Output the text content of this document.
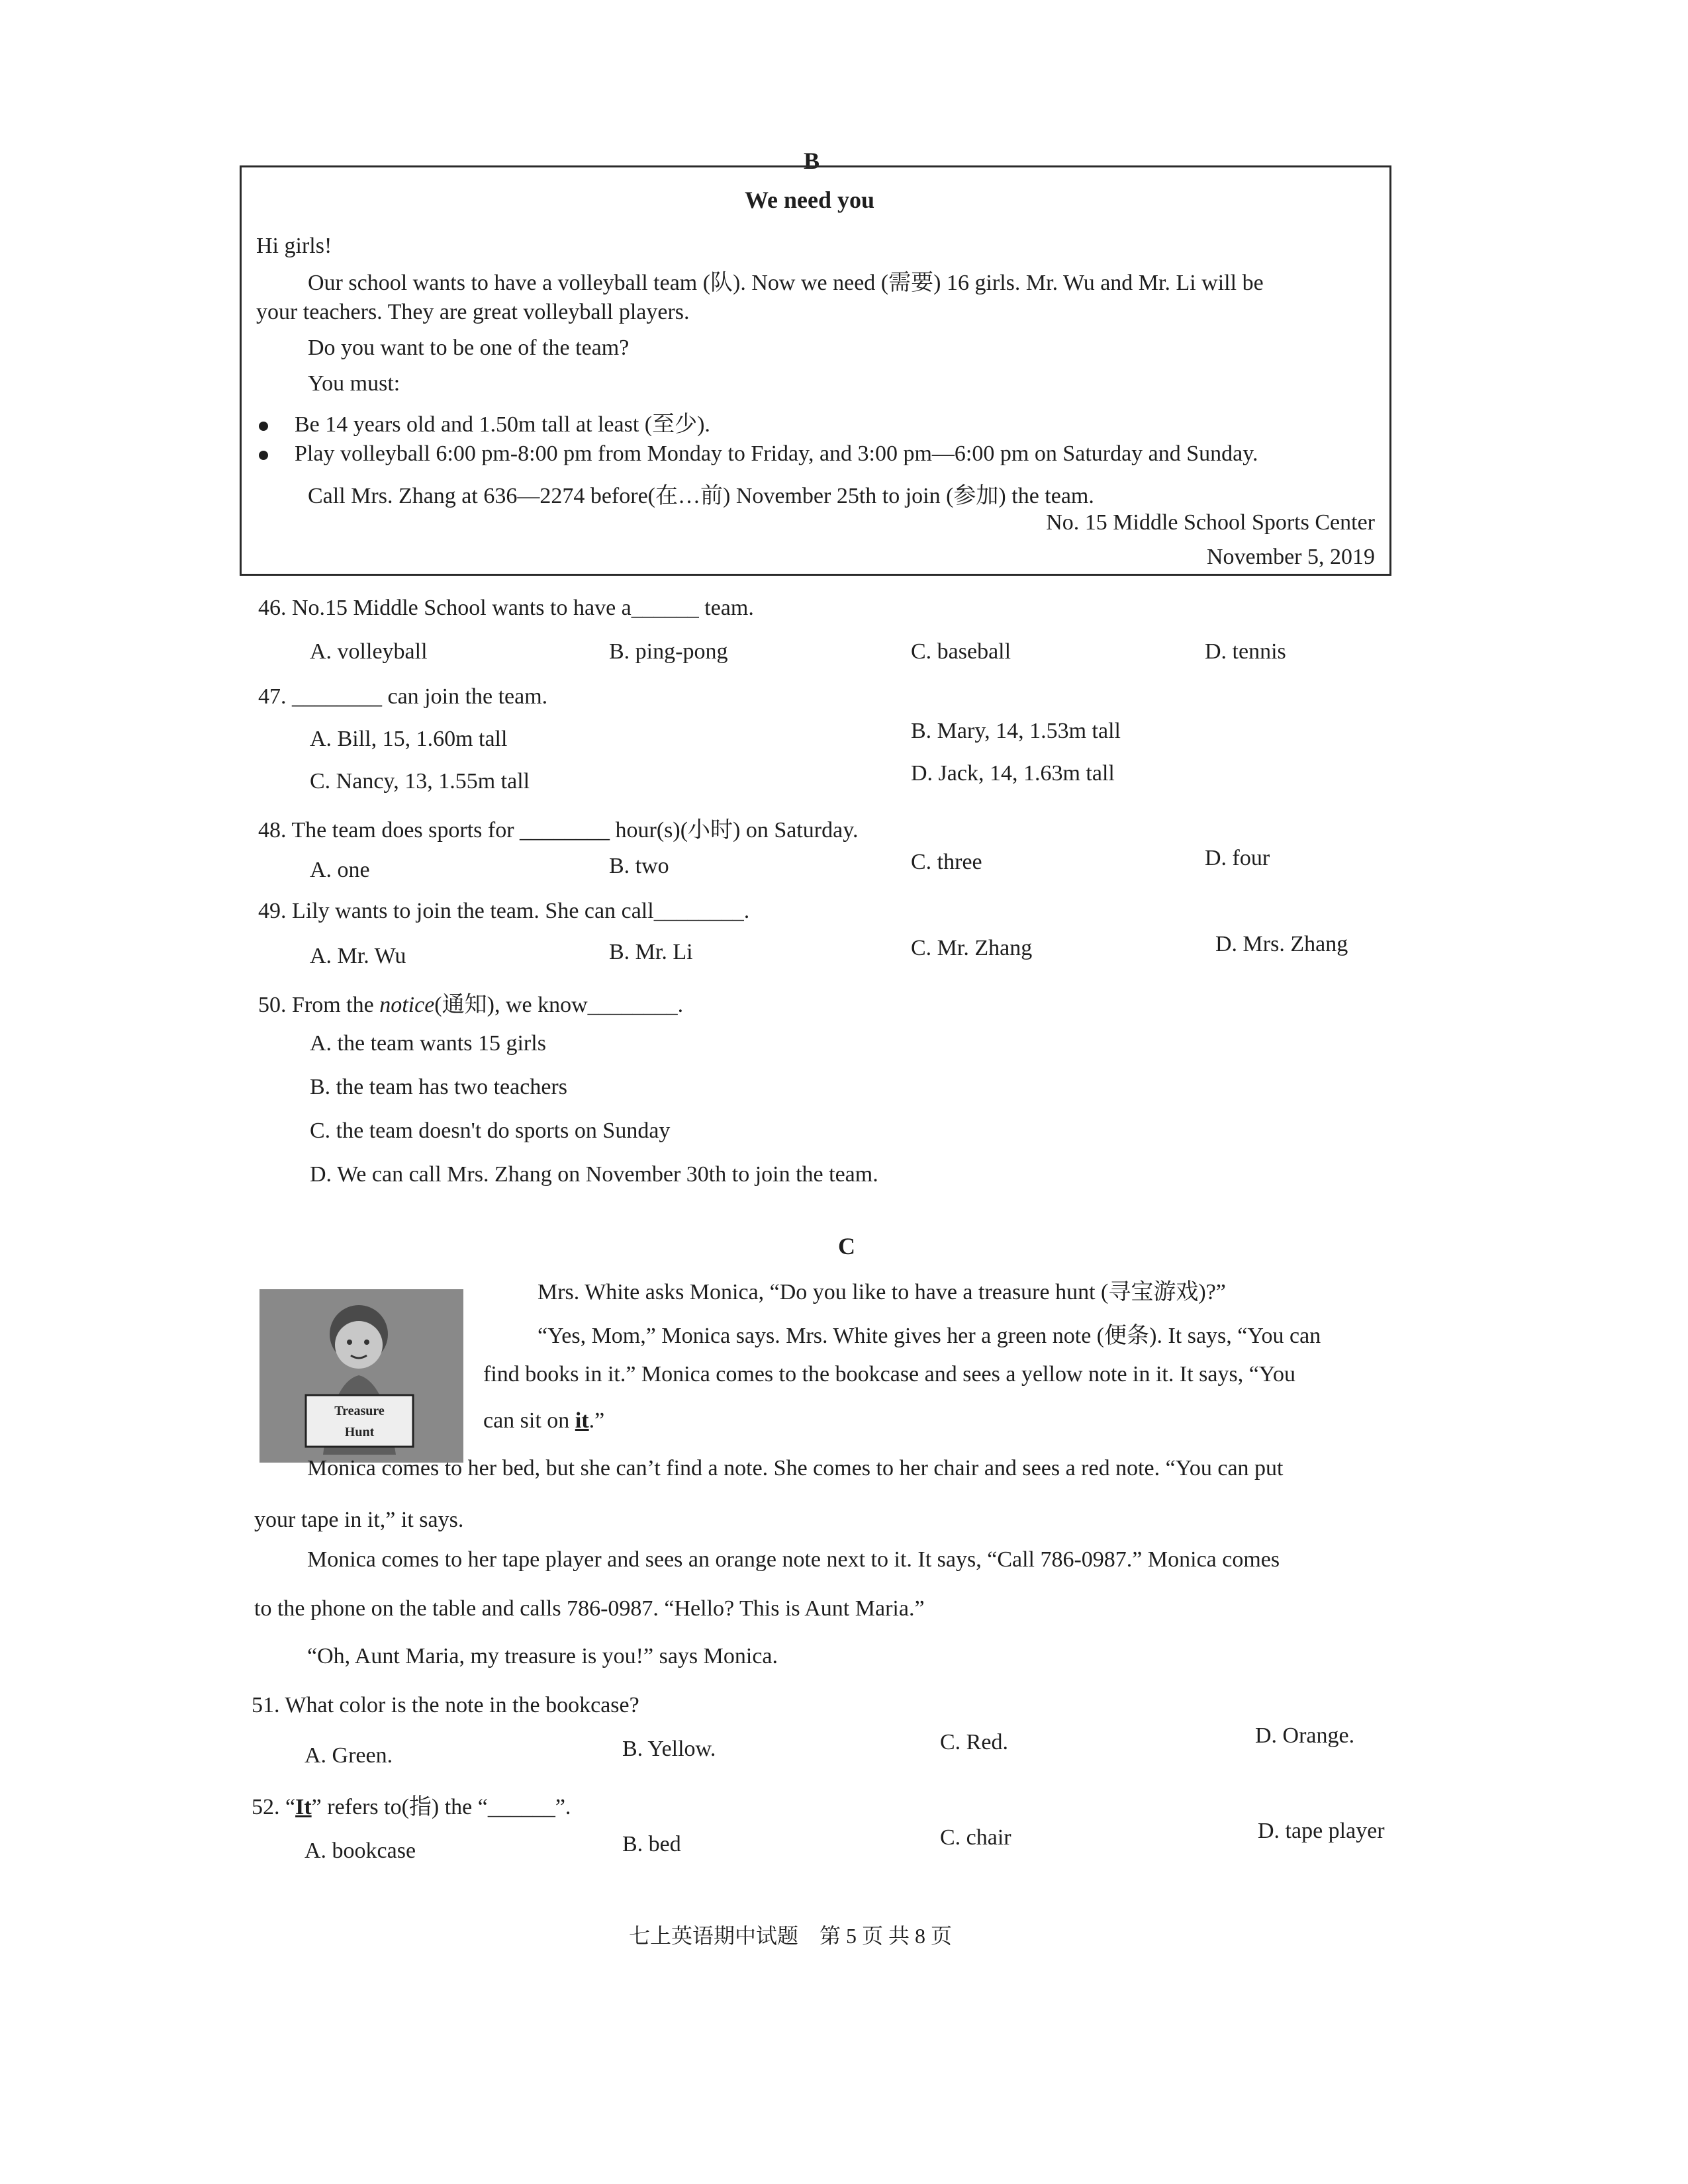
B
We need you
Hi girls!
Our school wants to have a volleyball team (队). Now we need (需要) 16 girls. Mr. Wu and Mr. Li will be
your teachers. They are great volleyball players.
Do you want to be one of the team?
You must:
Be 14 years old and 1.50m tall at least (至少).
Play volleyball 6:00 pm-8:00 pm from Monday to Friday, and 3:00 pm—6:00 pm on Saturday and Sunday.
Call Mrs. Zhang at 636—2274 before(在…前) November 25th to join (参加) the team.
No. 15 Middle School Sports Center
November 5, 2019
46. No.15 Middle School wants to have a______ team.
A. volleyball	B. ping-pong	C. baseball	D. tennis
47. ________ can join the team.
A. Bill, 15, 1.60m tall	B. Mary, 14, 1.53m tall
C. Nancy, 13, 1.55m tall	D. Jack, 14, 1.63m tall
48. The team does sports for ________ hour(s)(小时) on Saturday.
A. one	B. two	C. three	D. four
49. Lily wants to join the team. She can call________.
A. Mr. Wu	B. Mr. Li	C. Mr. Zhang	D. Mrs. Zhang
50. From the notice(通知), we know________.
A. the team wants 15 girls
B. the team has two teachers
C. the team doesn't do sports on Sunday
D. We can call Mrs. Zhang on November 30th to join the team.
C
Treasure
Hunt
Mrs. White asks Monica, “Do you like to have a treasure hunt (寻宝游戏)?”
“Yes, Mom,” Monica says. Mrs. White gives her a green note (便条). It says, “You can
find books in it.” Monica comes to the bookcase and sees a yellow note in it. It says, “You
can sit on it.”
Monica comes to her bed, but she can’t find a note. She comes to her chair and sees a red note. “You can put
your tape in it,” it says.
Monica comes to her tape player and sees an orange note next to it. It says, “Call 786-0987.” Monica comes
to the phone on the table and calls 786-0987. “Hello? This is Aunt Maria.”
“Oh, Aunt Maria, my treasure is you!” says Monica.
51. What color is the note in the bookcase?
A. Green.	B. Yellow.	C. Red.	D. Orange.
52. “It” refers to(指) the “______”.
A. bookcase	B. bed	C. chair	D. tape player
七上英语期中试题　第 5 页 共 8 页
